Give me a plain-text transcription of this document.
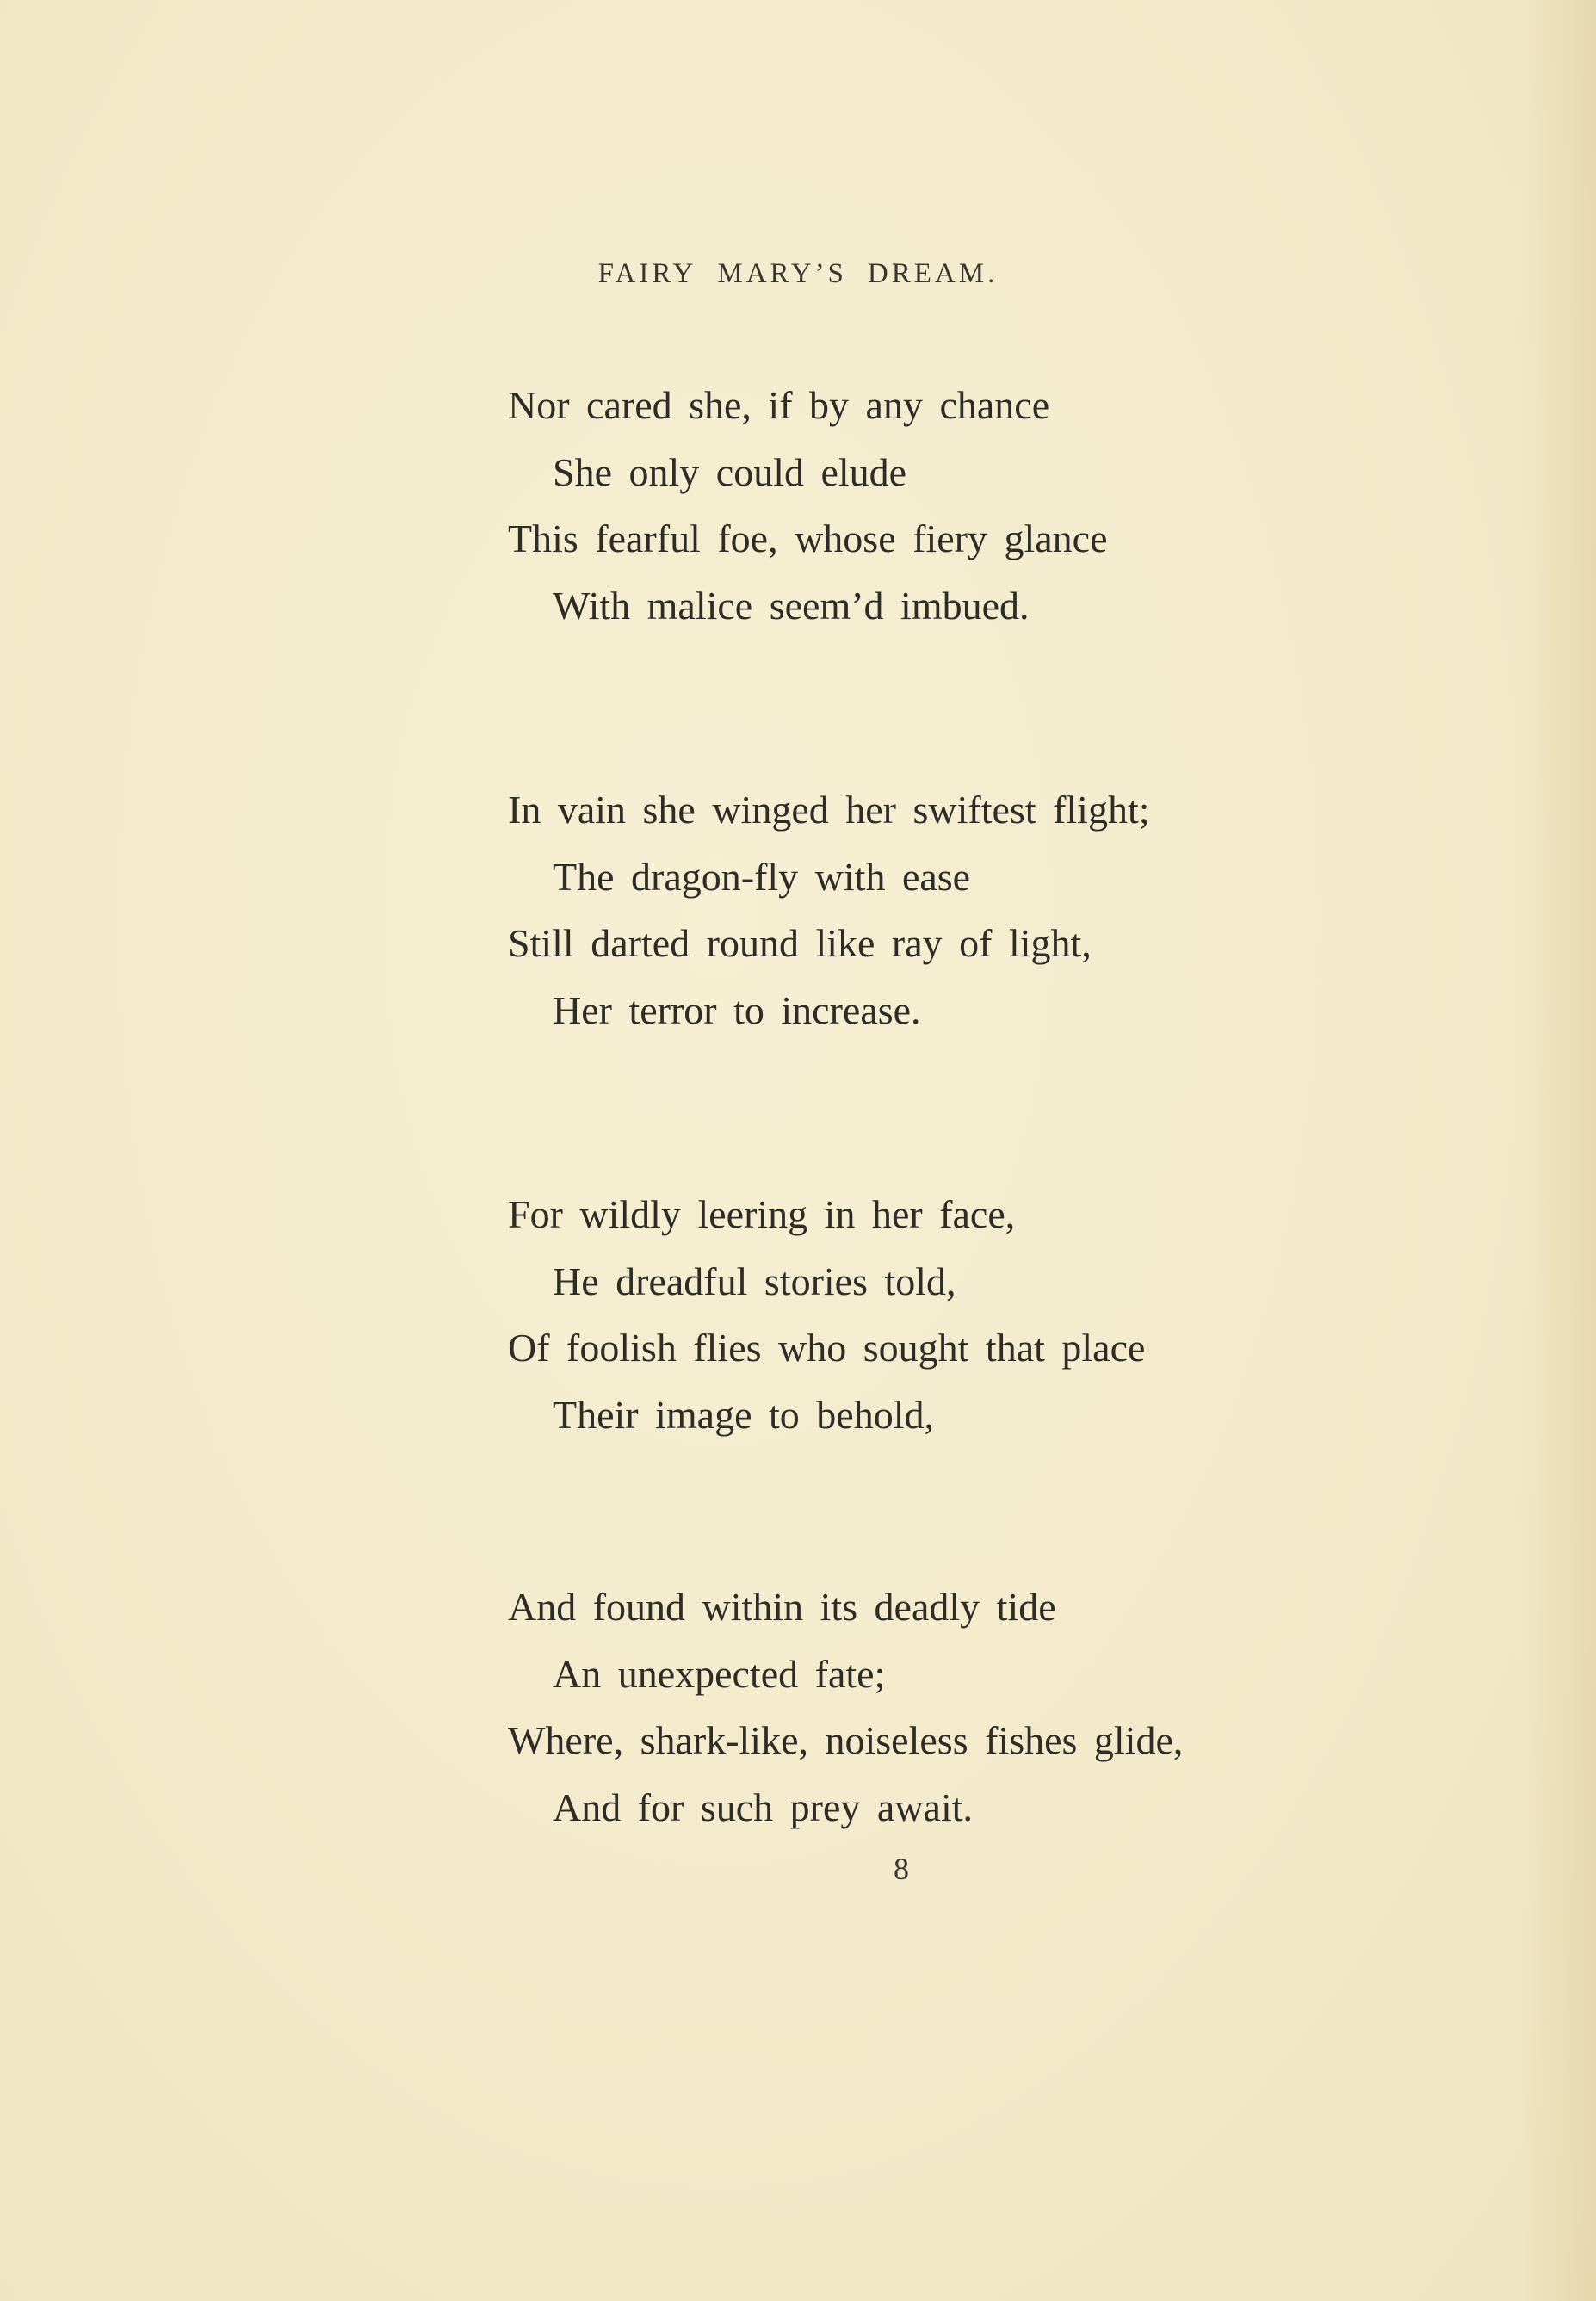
FAIRY MARY’S DREAM.
Nor cared she, if by any chance
She only could elude
This fearful foe, whose fiery glance
With malice seem’d imbued.
In vain she winged her swiftest flight;
The dragon-fly with ease
Still darted round like ray of light,
Her terror to increase.
For wildly leering in her face,
He dreadful stories told,
Of foolish flies who sought that place
Their image to behold,
And found within its deadly tide
An unexpected fate;
Where, shark-like, noiseless fishes glide,
And for such prey await.
8
